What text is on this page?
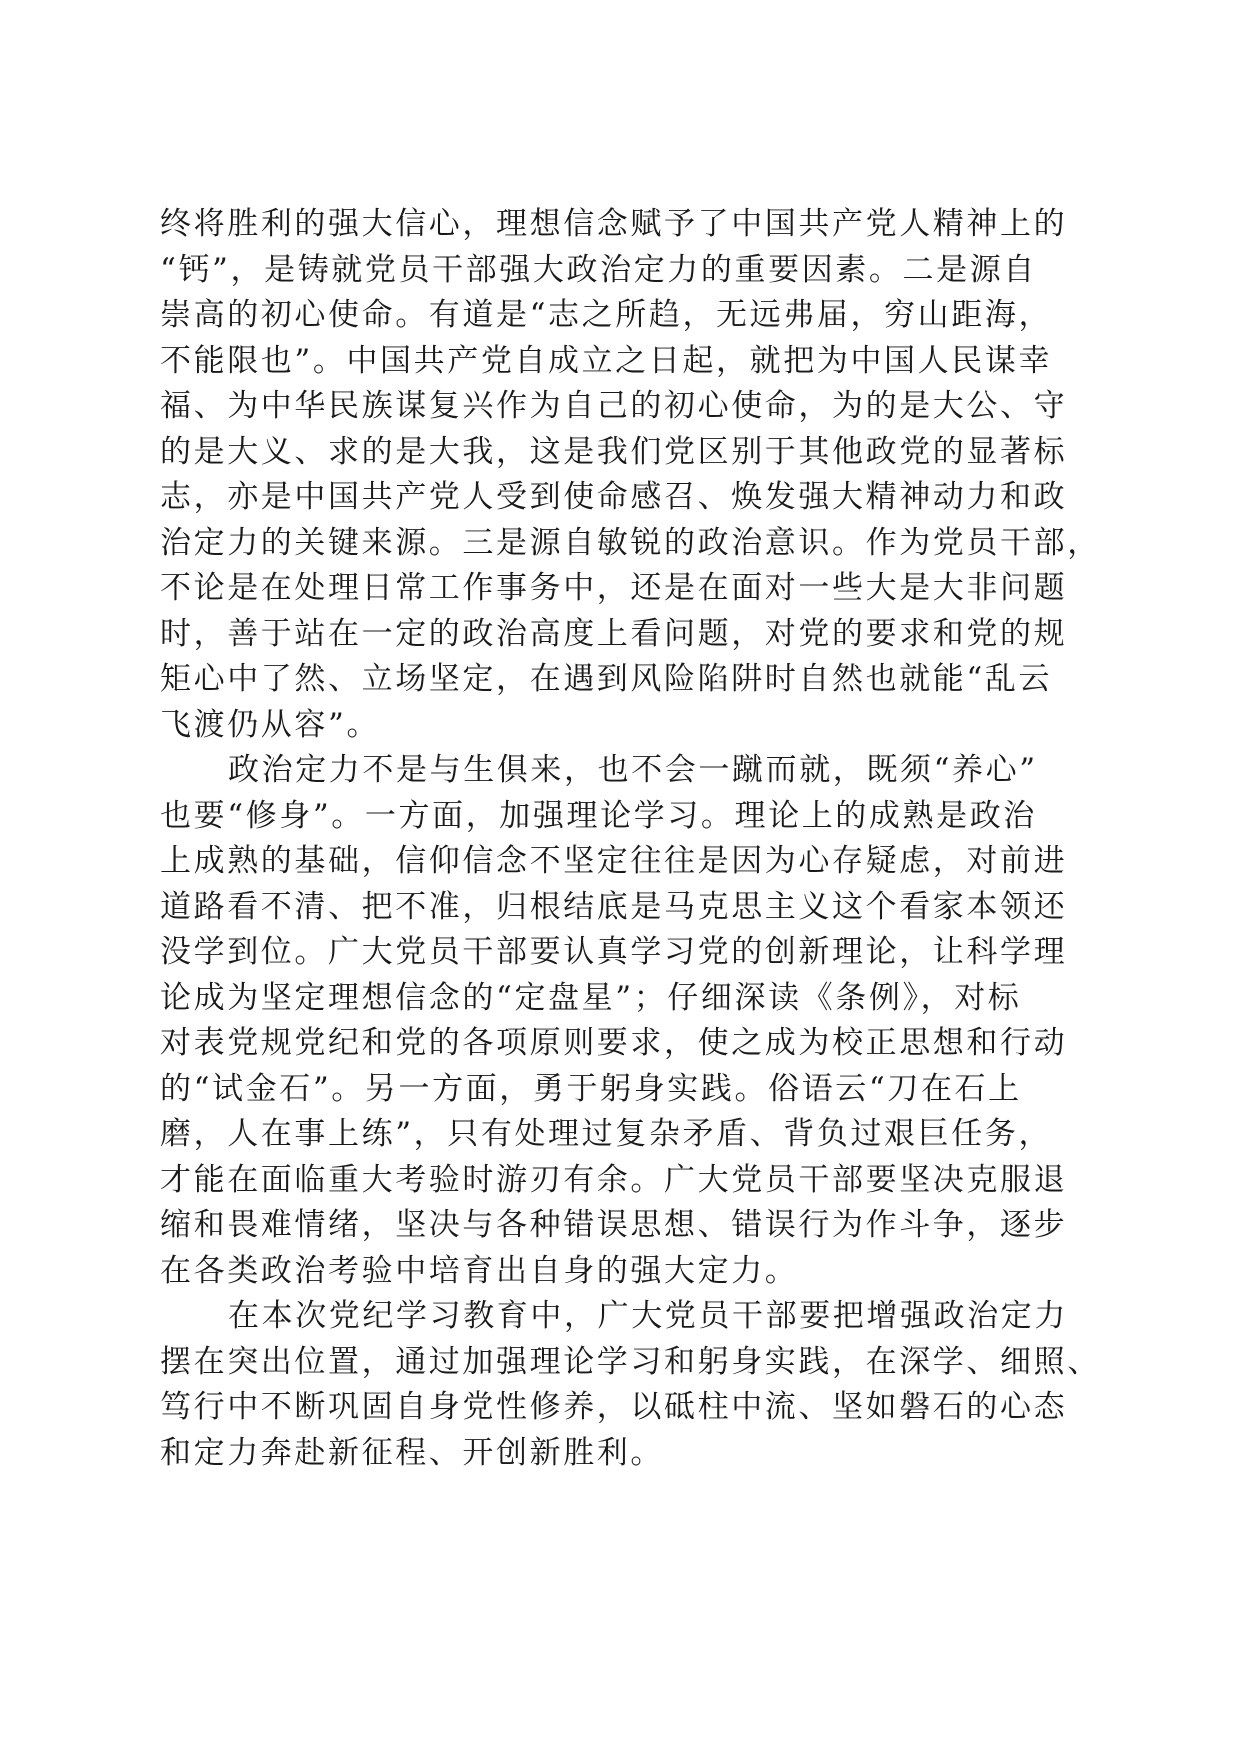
终将胜利的强大信心，理想信念赋予了中国共产党人精神上的
“钙”，是铸就党员干部强大政治定力的重要因素。二是源自
崇高的初心使命。有道是“志之所趋，无远弗届，穷山距海，
不能限也”。中国共产党自成立之日起，就把为中国人民谋幸
福、为中华民族谋复兴作为自己的初心使命，为的是大公、守
的是大义、求的是大我，这是我们党区别于其他政党的显著标
志，亦是中国共产党人受到使命感召、焕发强大精神动力和政
治定力的关键来源。三是源自敏锐的政治意识。作为党员干部，
不论是在处理日常工作事务中，还是在面对一些大是大非问题
时，善于站在一定的政治高度上看问题，对党的要求和党的规
矩心中了然、立场坚定，在遇到风险陷阱时自然也就能“乱云
飞渡仍从容”。
政治定力不是与生俱来，也不会一蹴而就，既须“养心”
也要“修身”。一方面，加强理论学习。理论上的成熟是政治
上成熟的基础，信仰信念不坚定往往是因为心存疑虑，对前进
道路看不清、把不准，归根结底是马克思主义这个看家本领还
没学到位。广大党员干部要认真学习党的创新理论，让科学理
论成为坚定理想信念的“定盘星”；仔细深读《条例》，对标
对表党规党纪和党的各项原则要求，使之成为校正思想和行动
的“试金石”。另一方面，勇于躬身实践。俗语云“刀在石上
磨，人在事上练”，只有处理过复杂矛盾、背负过艰巨任务，
才能在面临重大考验时游刃有余。广大党员干部要坚决克服退
缩和畏难情绪，坚决与各种错误思想、错误行为作斗争，逐步
在各类政治考验中培育出自身的强大定力。
在本次党纪学习教育中，广大党员干部要把增强政治定力
摆在突出位置，通过加强理论学习和躬身实践，在深学、细照、
笃行中不断巩固自身党性修养，以砥柱中流、坚如磐石的心态
和定力奔赴新征程、开创新胜利。
